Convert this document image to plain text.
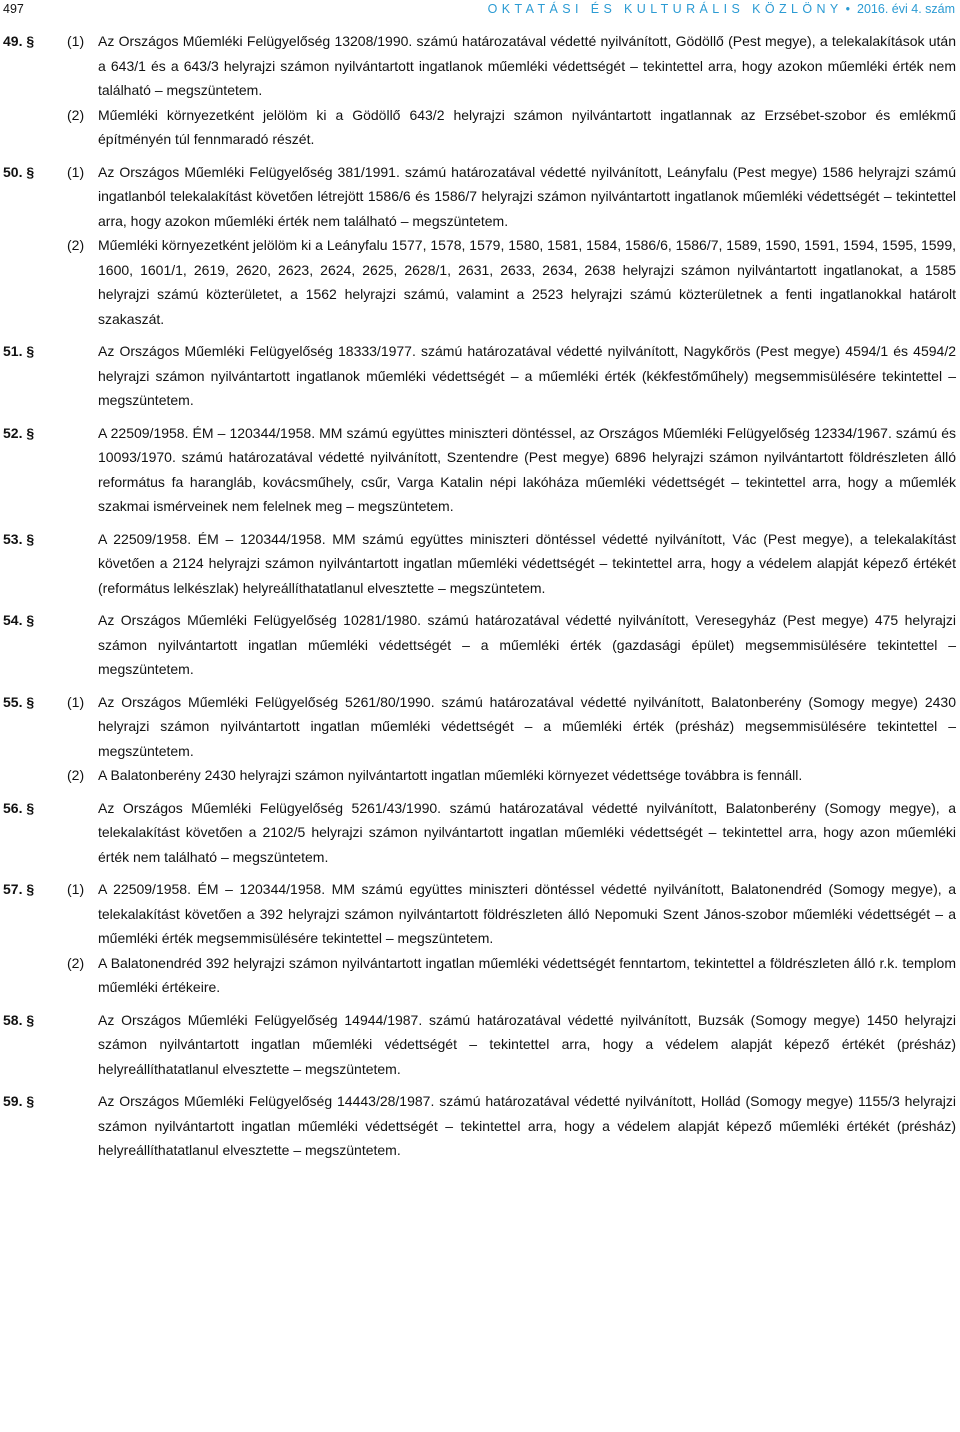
497	OKTATÁSI ÉS KULTURÁLIS KÖZLÖNY • 2016. évi 4. szám
49. § (1) Az Országos Műemléki Felügyelőség 13208/1990. számú határozatával védetté nyilvánított, Gödöllő (Pest megye), a telekalakítások után a 643/1 és a 643/3 helyrajzi számon nyilvántartott ingatlanok műemléki védettségét – tekintettel arra, hogy azokon műemléki érték nem található – megszüntetem.

(2) Műemléki környezetként jelölöm ki a Gödöllő 643/2 helyrajzi számon nyilvántartott ingatlannak az Erzsébet-szobor és emlékmű építményén túl fennmaradó részét.

50. § (1) Az Országos Műemléki Felügyelőség 381/1991. számú határozatával védetté nyilvánított, Leányfalu (Pest megye) 1586 helyrajzi számú ingatlanból telekalakítást követően létrejött 1586/6 és 1586/7 helyrajzi számon nyilvántartott ingatlanok műemléki védettségét – tekintettel arra, hogy azokon műemléki érték nem található – megszüntetem.

(2) Műemléki környezetként jelölöm ki a Leányfalu 1577, 1578, 1579, 1580, 1581, 1584, 1586/6, 1586/7, 1589, 1590, 1591, 1594, 1595, 1599, 1600, 1601/1, 2619, 2620, 2623, 2624, 2625, 2628/1, 2631, 2633, 2634, 2638 helyrajzi számon nyilvántartott ingatlanokat, a 1585 helyrajzi számú közterületet, a 1562 helyrajzi számú, valamint a 2523 helyrajzi számú közterületnek a fenti ingatlanokkal határolt szakaszát.

51. §	Az Országos Műemléki Felügyelőség 18333/1977. számú határozatával védetté nyilvánított, Nagykőrös (Pest megye) 4594/1 és 4594/2 helyrajzi számon nyilvántartott ingatlanok műemléki védettségét – a műemléki érték (kékfestőműhely) megsemmisülésére tekintettel – megszüntetem.

52. §	A 22509/1958. ÉM – 120344/1958. MM számú együttes miniszteri döntéssel, az Országos Műemléki Felügyelőség 12334/1967. számú és 10093/1970. számú határozatával védetté nyilvánított, Szentendre (Pest megye) 6896 helyrajzi számon nyilvántartott földrészleten álló református fa harangláb, kovácsműhely, csűr, Varga Katalin népi lakóháza műemléki védettségét – tekintettel arra, hogy a műemlék szakmai ismérveinek nem felelnek meg – megszüntetem.

53. §	A 22509/1958. ÉM – 120344/1958. MM számú együttes miniszteri döntéssel védetté nyilvánított, Vác (Pest megye), a telekalakítást követően a 2124 helyrajzi számon nyilvántartott ingatlan műemléki védettségét – tekintettel arra, hogy a védelem alapját képező értékét (református lelkészlak) helyreállíthatatlanul elvesztette – megszüntetem.

54. §	Az Országos Műemléki Felügyelőség 10281/1980. számú határozatával védetté nyilvánított, Veresegyház (Pest megye) 475 helyrajzi számon nyilvántartott ingatlan műemléki védettségét – a műemléki érték (gazdasági épület) megsemmisülésére tekintettel – megszüntetem.

55. § (1) Az Országos Műemléki Felügyelőség 5261/80/1990. számú határozatával védetté nyilvánított, Balatonberény (Somogy megye) 2430 helyrajzi számon nyilvántartott ingatlan műemléki védettségét – a műemléki érték (présház) megsemmisülésére tekintettel – megszüntetem.

(2) A Balatonberény 2430 helyrajzi számon nyilvántartott ingatlan műemléki környezet védettsége továbbra is fennáll.

56. §	Az Országos Műemléki Felügyelőség 5261/43/1990. számú határozatával védetté nyilvánított, Balatonberény (Somogy megye), a telekalakítást követően a 2102/5 helyrajzi számon nyilvántartott ingatlan műemléki védettségét – tekintettel arra, hogy azon műemléki érték nem található – megszüntetem.

57. § (1) A 22509/1958. ÉM – 120344/1958. MM számú együttes miniszteri döntéssel védetté nyilvánított, Balatonendréd (Somogy megye), a telekalakítást követően a 392 helyrajzi számon nyilvántartott földrészleten álló Nepomuki Szent János-szobor műemléki védettségét – a műemléki érték megsemmisülésére tekintettel – megszüntetem.

(2) A Balatonendréd 392 helyrajzi számon nyilvántartott ingatlan műemléki védettségét fenntartom, tekintettel a földrészleten álló r.k. templom műemléki értékeire.

58. §	Az Országos Műemléki Felügyelőség 14944/1987. számú határozatával védetté nyilvánított, Buzsák (Somogy megye) 1450 helyrajzi számon nyilvántartott ingatlan műemléki védettségét – tekintettel arra, hogy a védelem alapját képező értékét (présház) helyreállíthatatlanul elvesztette – megszüntetem.

59. §	Az Országos Műemléki Felügyelőség 14443/28/1987. számú határozatával védetté nyilvánított, Hollád (Somogy megye) 1155/3 helyrajzi számon nyilvántartott ingatlan műemléki védettségét – tekintettel arra, hogy a védelem alapját képező műemléki értékét (présház) helyreállíthatatlanul elvesztette – megszüntetem.
